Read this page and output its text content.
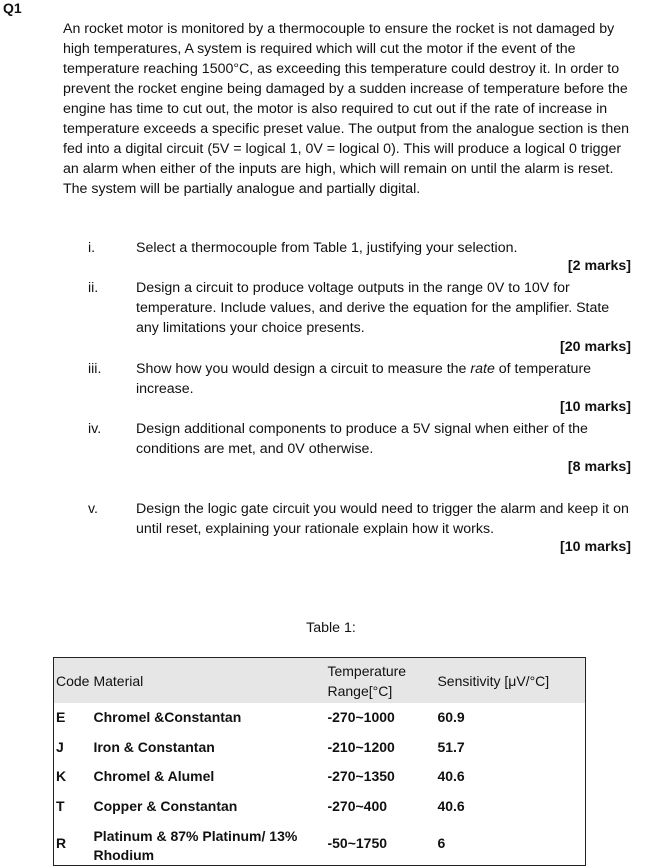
Q1

An rocket motor is monitored by a thermocouple to ensure the rocket is not damaged by high temperatures, A system is required which will cut the motor if the event of the temperature reaching 1500°C, as exceeding this temperature could destroy it. In order to prevent the rocket engine being damaged by a sudden increase of temperature before the engine has time to cut out, the motor is also required to cut out if the rate of increase in temperature exceeds a specific preset value. The output from the analogue section is then fed into a digital circuit (5V = logical 1, 0V = logical 0). This will produce a logical 0 trigger an alarm when either of the inputs are high, which will remain on until the alarm is reset.

The system will be partially analogue and partially digital.

i.	Select a thermocouple from Table 1, justifying your selection.
[2 marks]
ii.	Design a circuit to produce voltage outputs in the range 0V to 10V for temperature. Include values, and derive the equation for the amplifier. State any limitations your choice presents.
[20 marks]
iii. Show how you would design a circuit to measure the rate of temperature increase.
[10 marks]
iv. Design additional components to produce a 5V signal when either of the conditions are met, and 0V otherwise.
[8 marks]
v.	Design the logic gate circuit you would need to trigger the alarm and keep it on until reset, explaining your rationale explain how it works.
[10 marks]
Table 1:
Code	Material	Temperature Range[°C]	Sensitivity [μV/°C]
E	Chromel &Constantan	-270~1000	60.9
J	Iron & Constantan	-210~1200	51.7
K	Chromel & Alumel	-270~1350	40.6
T	Copper & Constantan	-270~400	40.6
R	Platinum & 87% Platinum/ 13% Rhodium	-50~1750	6
